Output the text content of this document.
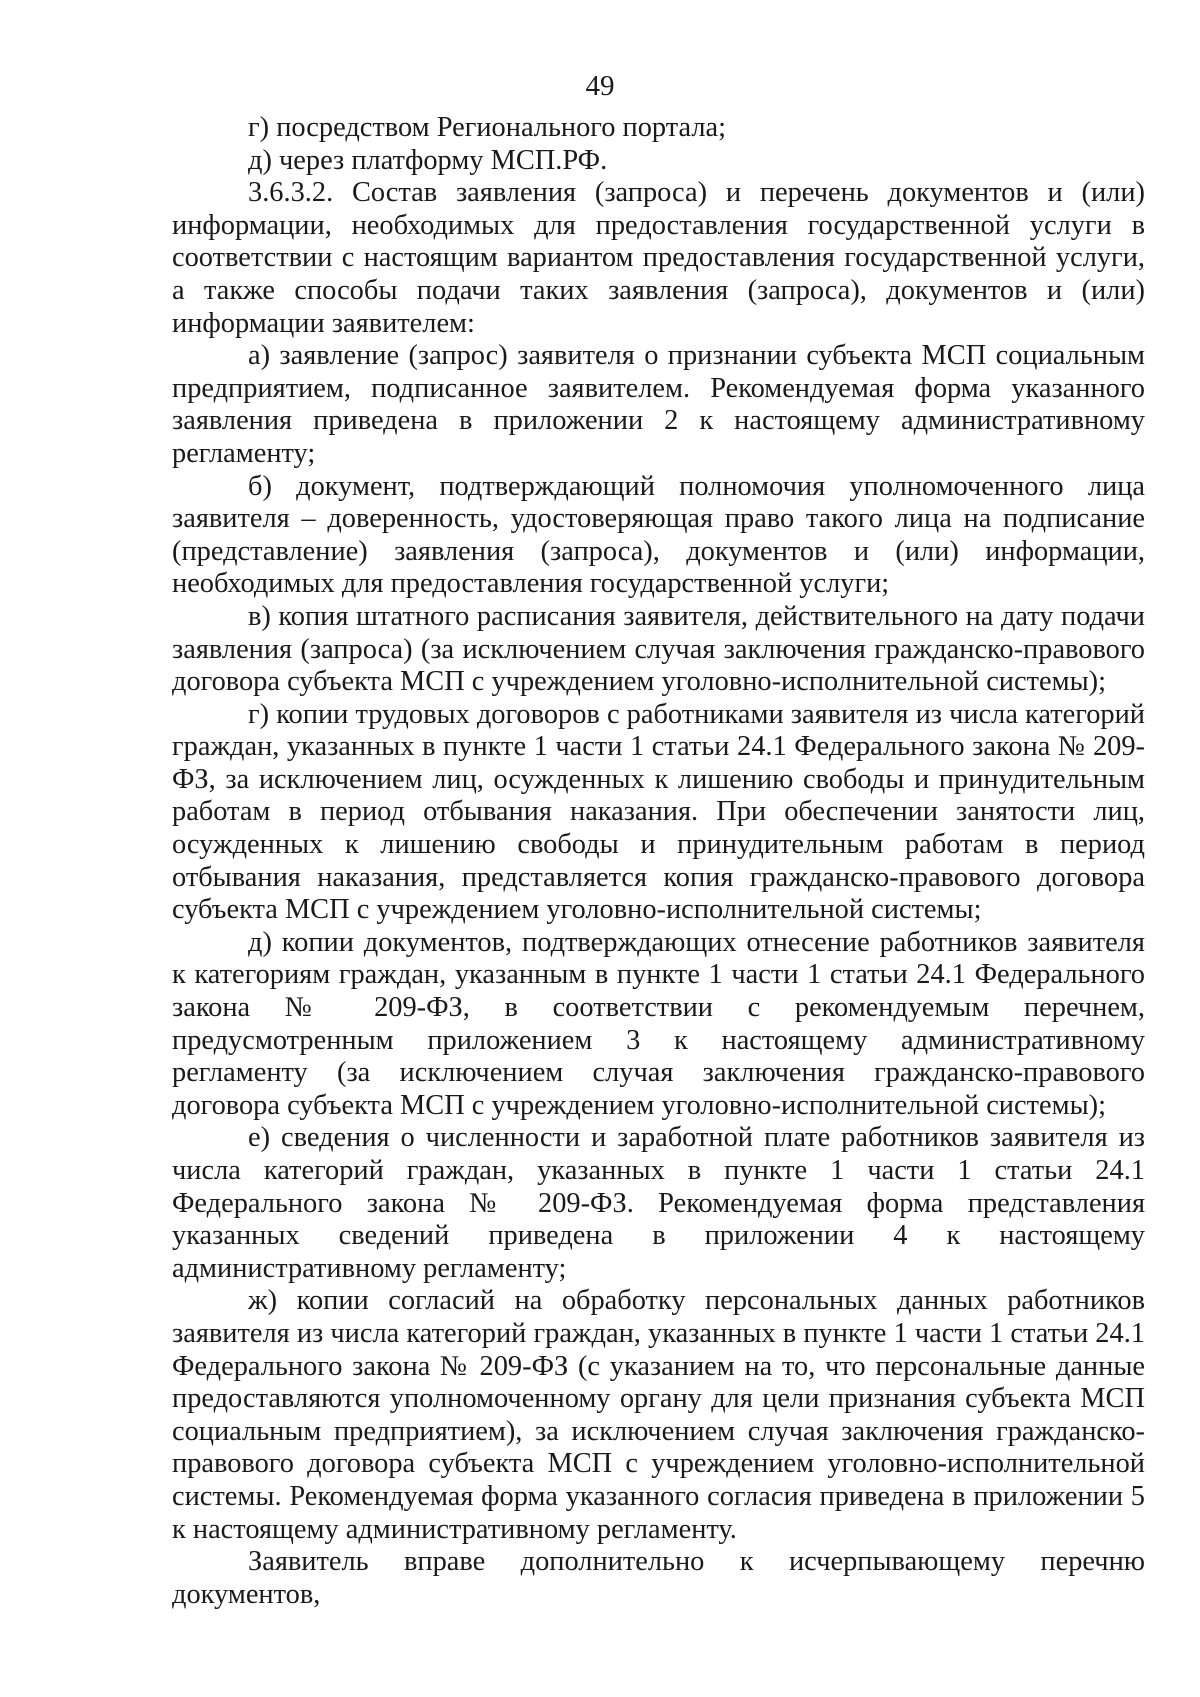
49

г) посредством Регионального портала;

д) через платформу МСП.РФ.

3.6.3.2. Состав заявления (запроса) и перечень документов и (или) информации, необходимых для предоставления государственной услуги в соответствии с настоящим вариантом предоставления государственной услуги, а также способы подачи таких заявления (запроса), документов и (или) информации заявителем:

а) заявление (запрос) заявителя о признании субъекта МСП социальным предприятием, подписанное заявителем. Рекомендуемая форма указанного заявления приведена в приложении 2 к настоящему административному регламенту;

б) документ, подтверждающий полномочия уполномоченного лица заявителя – доверенность, удостоверяющая право такого лица на подписание (представление) заявления (запроса), документов и (или) информации, необходимых для предоставления государственной услуги;

в) копия штатного расписания заявителя, действительного на дату подачи заявления (запроса) (за исключением случая заключения гражданско-правового договора субъекта МСП с учреждением уголовно-исполнительной системы);

г) копии трудовых договоров с работниками заявителя из числа категорий граждан, указанных в пункте 1 части 1 статьи 24.1 Федерального закона № 209-ФЗ, за исключением лиц, осужденных к лишению свободы и принудительным работам в период отбывания наказания. При обеспечении занятости лиц, осужденных к лишению свободы и принудительным работам в период отбывания наказания, представляется копия гражданско-правового договора субъекта МСП с учреждением уголовно-исполнительной системы;

д) копии документов, подтверждающих отнесение работников заявителя к категориям граждан, указанным в пункте 1 части 1 статьи 24.1 Федерального закона № 209-ФЗ, в соответствии с рекомендуемым перечнем, предусмотренным приложением 3 к настоящему административному регламенту (за исключением случая заключения гражданско-правового договора субъекта МСП с учреждением уголовно-исполнительной системы);

е) сведения о численности и заработной плате работников заявителя из числа категорий граждан, указанных в пункте 1 части 1 статьи 24.1 Федерального закона № 209-ФЗ. Рекомендуемая форма представления указанных сведений приведена в приложении 4 к настоящему административному регламенту;

ж) копии согласий на обработку персональных данных работников заявителя из числа категорий граждан, указанных в пункте 1 части 1 статьи 24.1 Федерального закона № 209-ФЗ (с указанием на то, что персональные данные предоставляются уполномоченному органу для цели признания субъекта МСП социальным предприятием), за исключением случая заключения гражданско-правового договора субъекта МСП с учреждением уголовно-исполнительной системы. Рекомендуемая форма указанного согласия приведена в приложении 5 к настоящему административному регламенту.

Заявитель вправе дополнительно к исчерпывающему перечню документов,
